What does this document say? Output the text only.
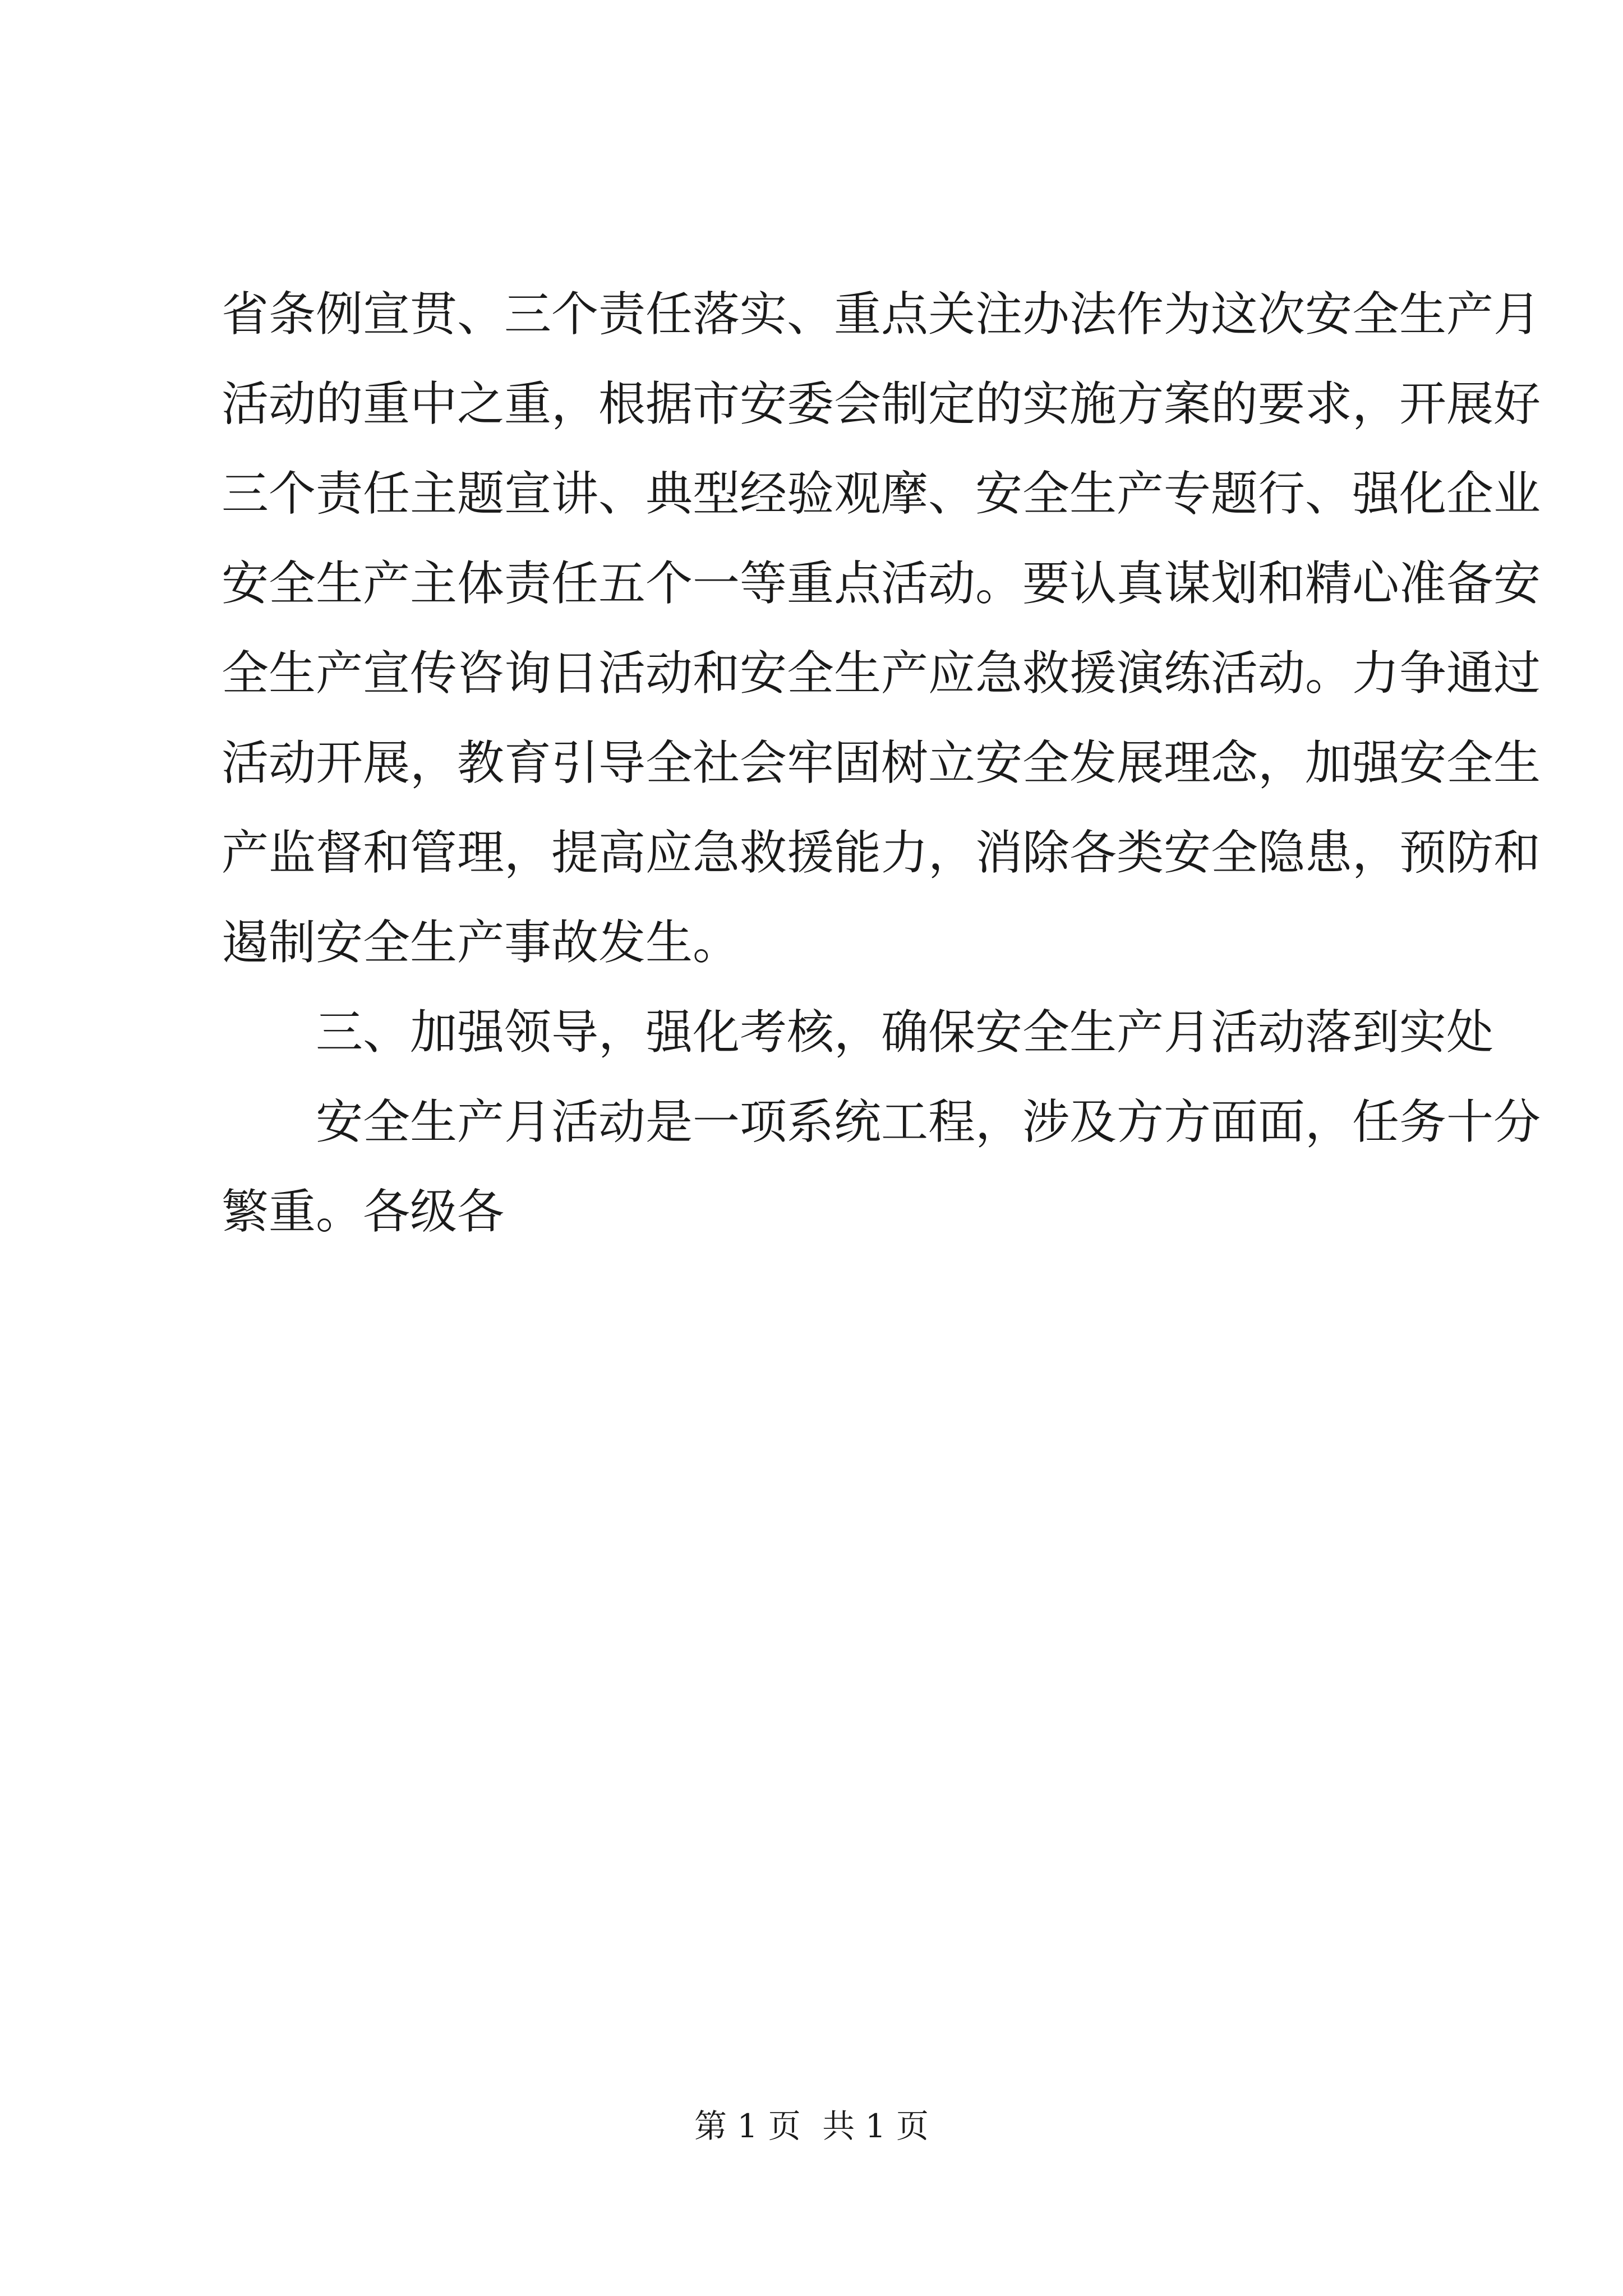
省条例宣贯、三个责任落实、重点关注办法作为这次安全生产月
活动的重中之重，根据市安委会制定的实施方案的要求，开展好
三个责任主题宣讲、典型经验观摩、安全生产专题行、强化企业
安全生产主体责任五个一等重点活动。要认真谋划和精心准备安
全生产宣传咨询日活动和安全生产应急救援演练活动。力争通过
活动开展，教育引导全社会牢固树立安全发展理念，加强安全生
产监督和管理，提高应急救援能力，消除各类安全隐患，预防和
遏制安全生产事故发生。
三、加强领导，强化考核，确保安全生产月活动落到实处
安全生产月活动是一项系统工程，涉及方方面面，任务十分
繁重。各级各
第 1 页 共 1 页
